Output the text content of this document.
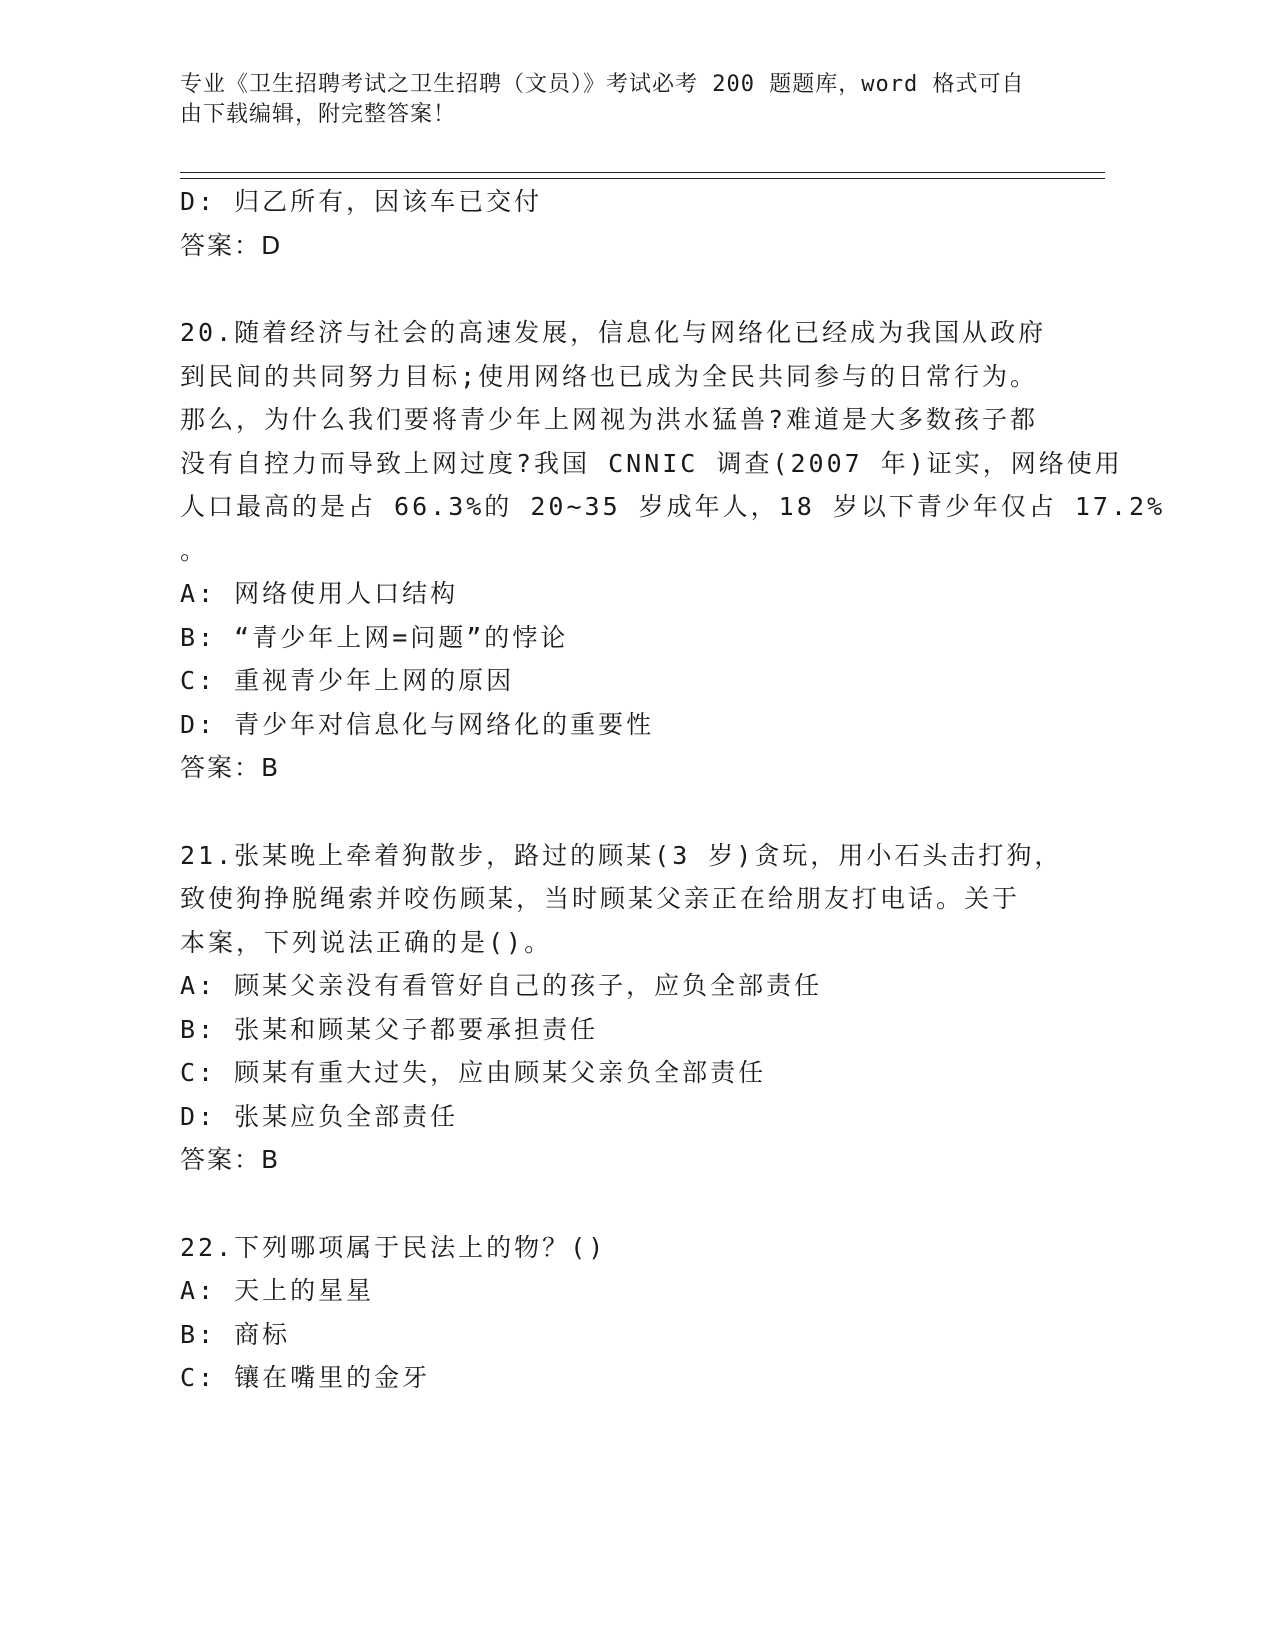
专业《卫生招聘考试之卫生招聘（文员）》考试必考 200 题题库，word 格式可自
由下载编辑，附完整答案！
D: 归乙所有，因该车已交付
答案：D
20.随着经济与社会的高速发展，信息化与网络化已经成为我国从政府
到民间的共同努力目标;使用网络也已成为全民共同参与的日常行为。
那么，为什么我们要将青少年上网视为洪水猛兽?难道是大多数孩子都
没有自控力而导致上网过度?我国 CNNIC 调查(2007 年)证实，网络使用
人口最高的是占 66.3%的 20~35 岁成年人，18 岁以下青少年仅占 17.2%
。
A: 网络使用人口结构
B: “青少年上网=问题”的悖论
C: 重视青少年上网的原因
D: 青少年对信息化与网络化的重要性
答案：B
21.张某晚上牵着狗散步，路过的顾某(3 岁)贪玩，用小石头击打狗，
致使狗挣脱绳索并咬伤顾某，当时顾某父亲正在给朋友打电话。关于
本案，下列说法正确的是()。
A: 顾某父亲没有看管好自己的孩子，应负全部责任
B: 张某和顾某父子都要承担责任
C: 顾某有重大过失，应由顾某父亲负全部责任
D: 张某应负全部责任
答案：B
22.下列哪项属于民法上的物？()
A: 天上的星星
B: 商标
C: 镶在嘴里的金牙
